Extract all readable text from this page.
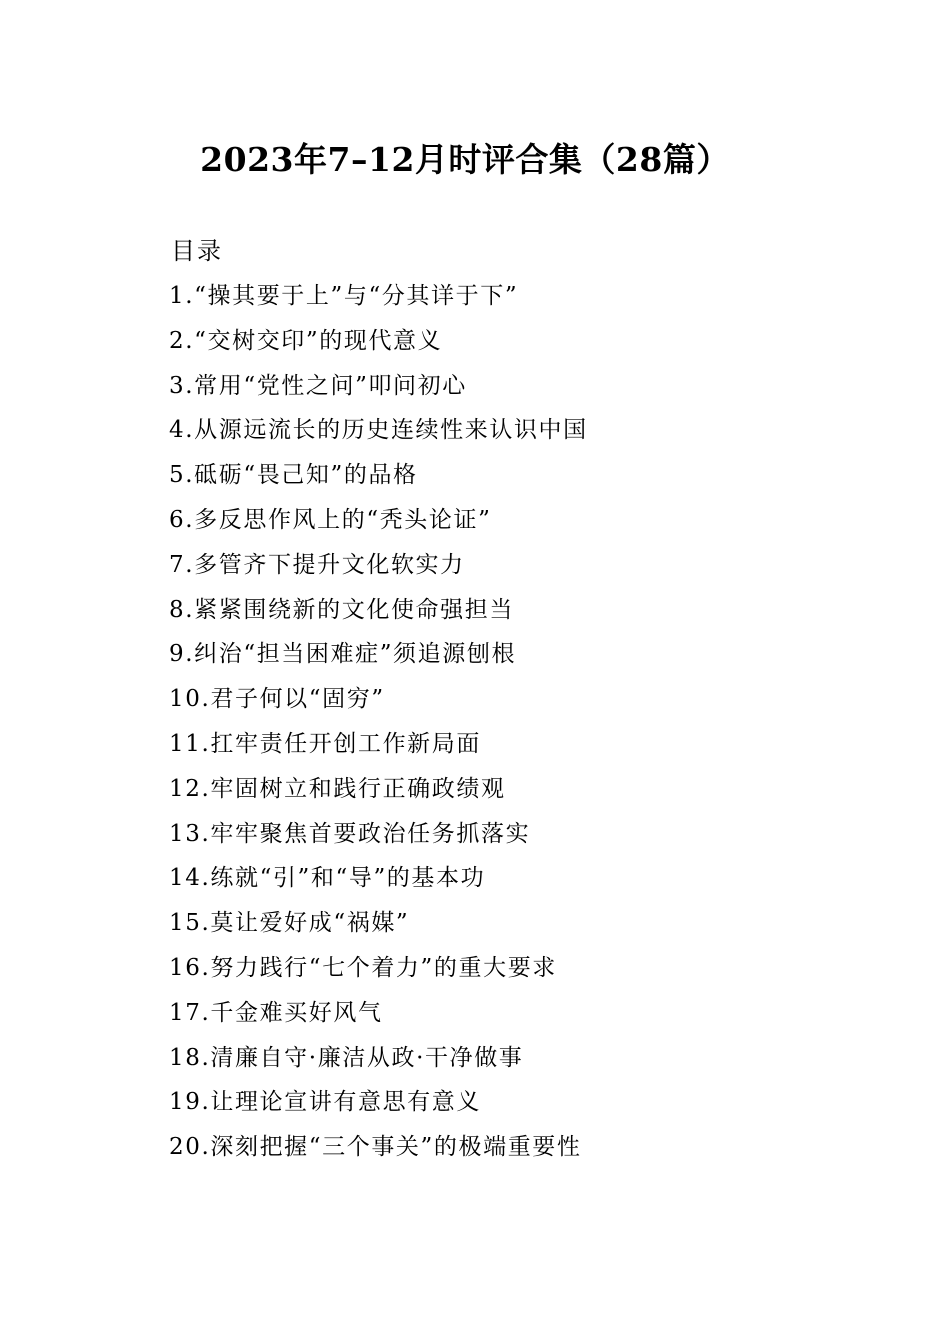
2023年7–12月时评合集（28篇）
目录
1.“操其要于上”与“分其详于下”
2.“交树交印”的现代意义
3.常用“党性之问”叩问初心
4.从源远流长的历史连续性来认识中国
5.砥砺“畏己知”的品格
6.多反思作风上的“秃头论证”
7.多管齐下提升文化软实力
8.紧紧围绕新的文化使命强担当
9.纠治“担当困难症”须追源刨根
10.君子何以“固穷”
11.扛牢责任开创工作新局面
12.牢固树立和践行正确政绩观
13.牢牢聚焦首要政治任务抓落实
14.练就“引”和“导”的基本功
15.莫让爱好成“祸媒”
16.努力践行“七个着力”的重大要求
17.千金难买好风气
18.清廉自守·廉洁从政·干净做事
19.让理论宣讲有意思有意义
20.深刻把握“三个事关”的极端重要性
